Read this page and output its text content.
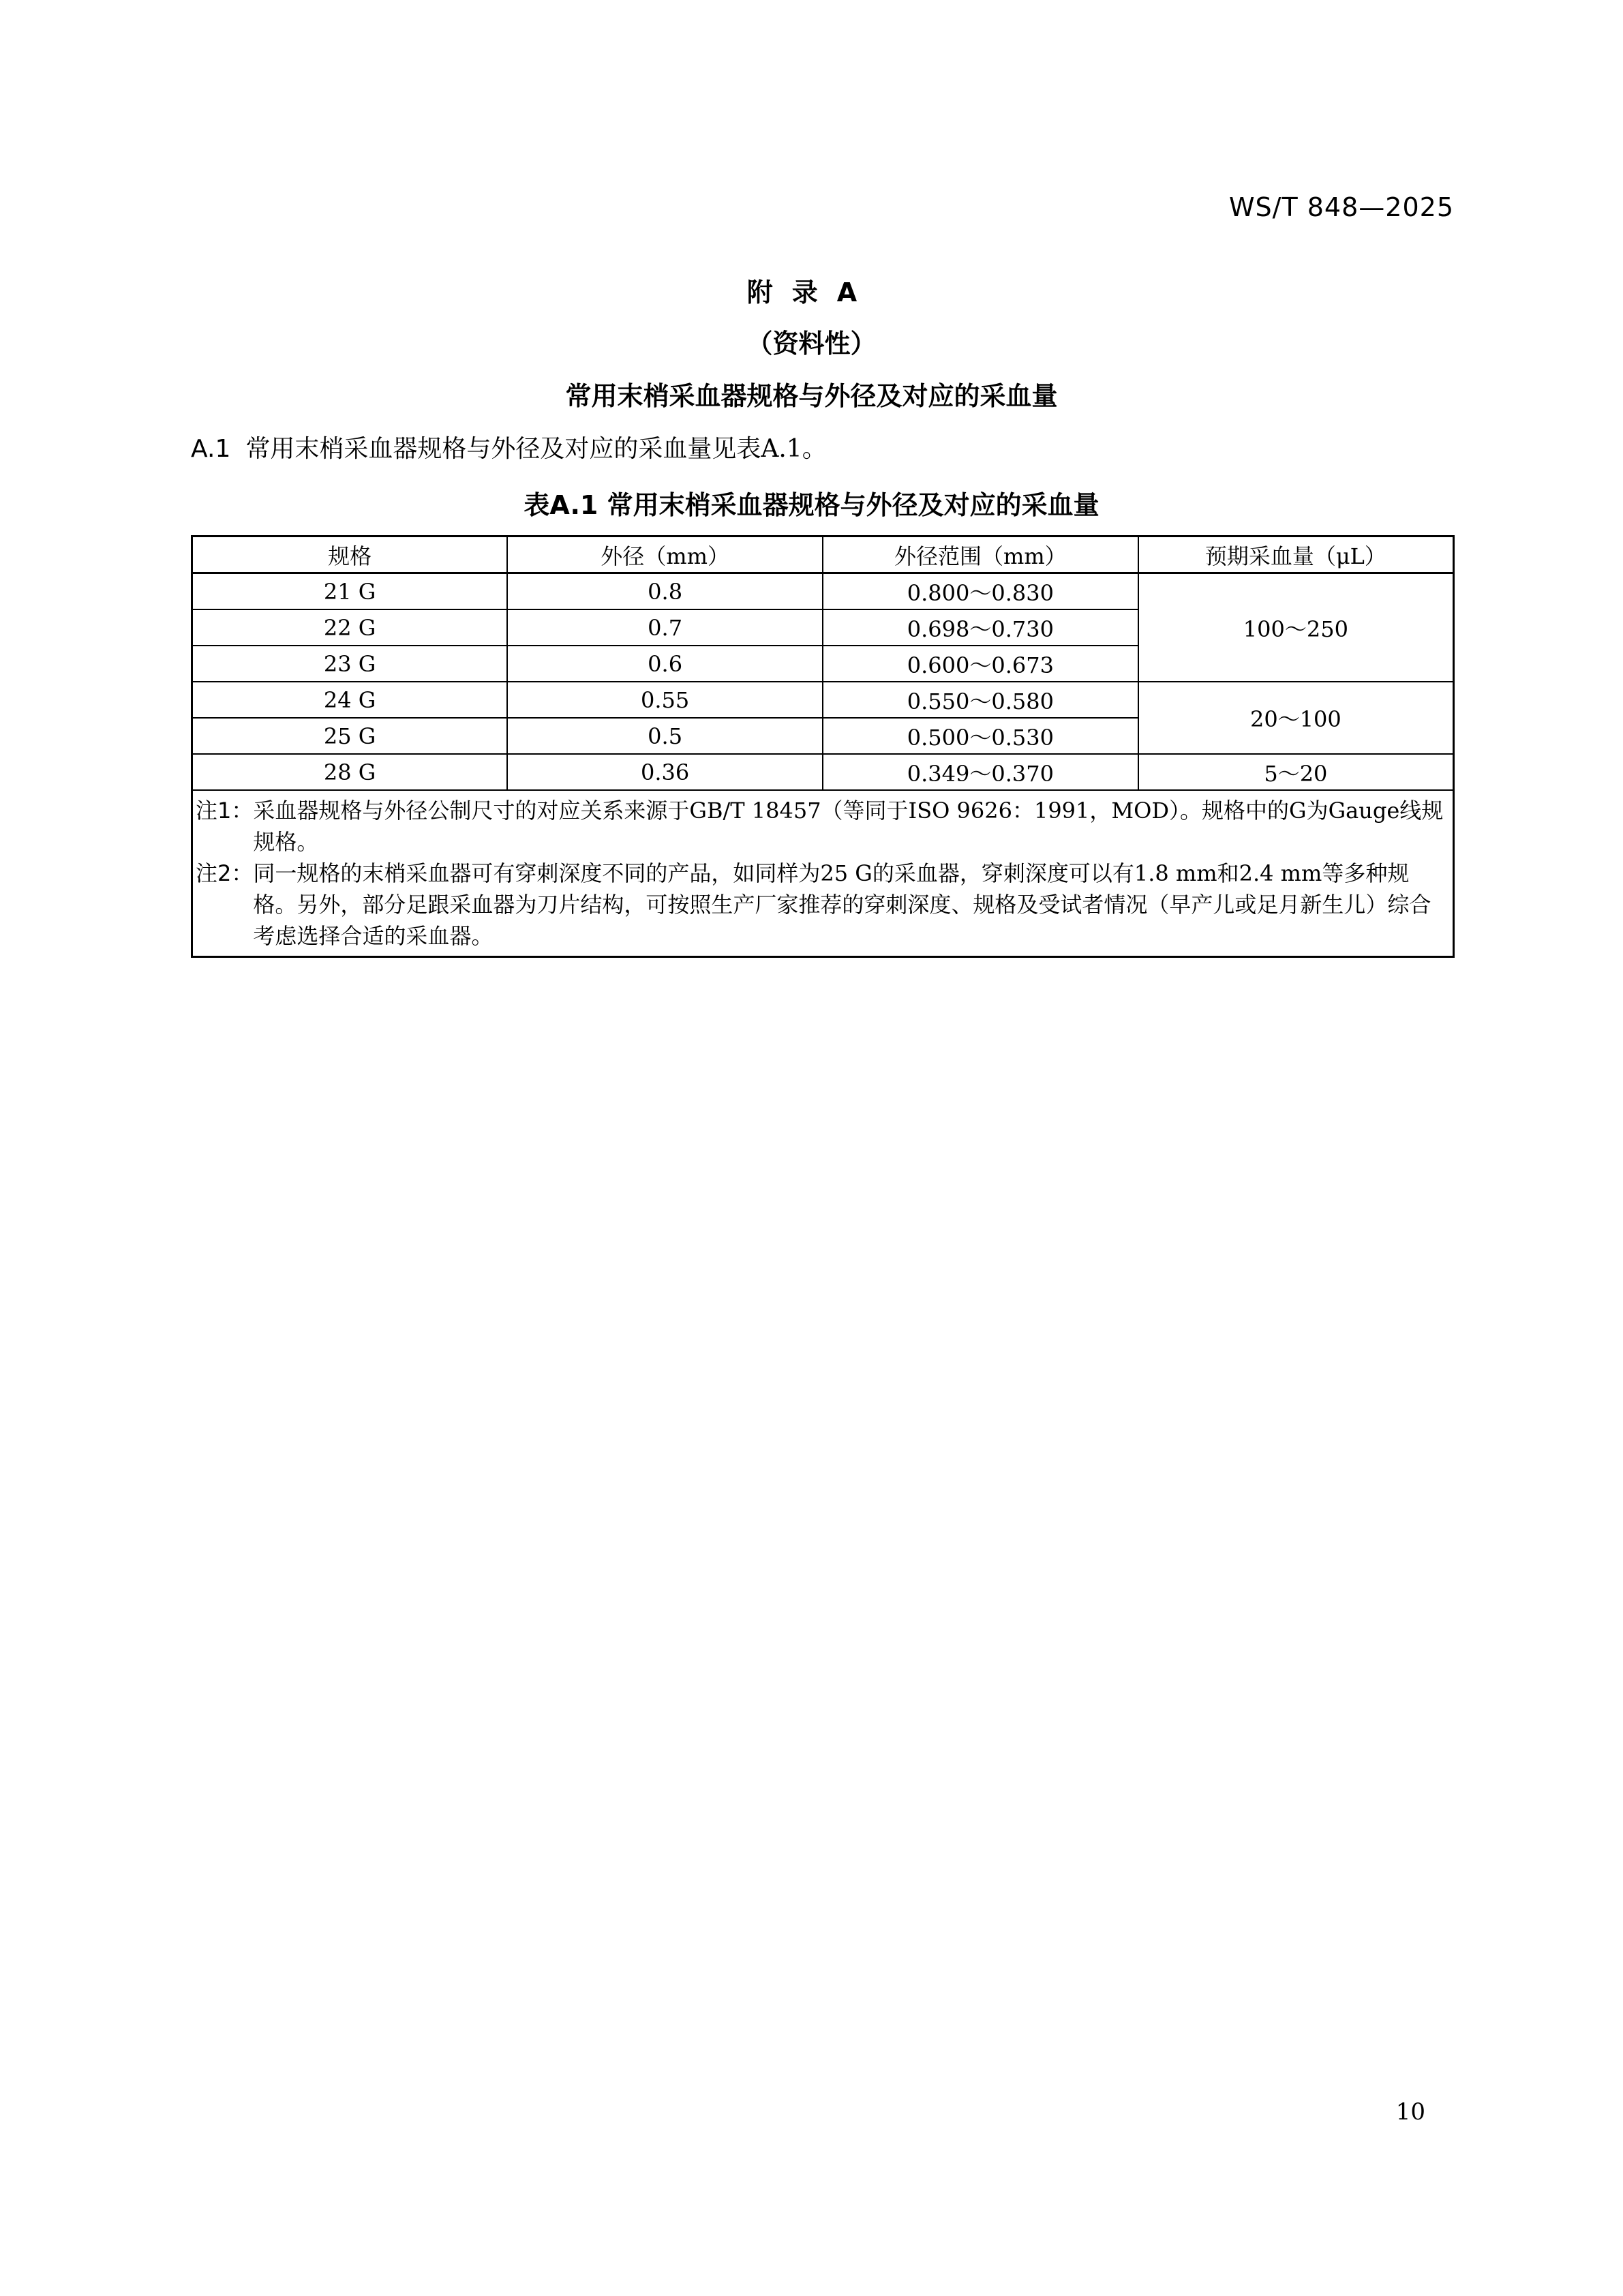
WS/T 848—2025
附录A
（资料性）
常用末梢采血器规格与外径及对应的采血量
A.1 常用末梢采血器规格与外径及对应的采血量见表A.1。
表A.1 常用末梢采血器规格与外径及对应的采血量
规格	外径（mm）	外径范围（mm）	预期采血量（μL）
21 G	0.8	0.800～0.830	100～250
22 G	0.7	0.698～0.730	
23 G	0.6	0.600～0.673	
24 G	0.55	0.550～0.580	20～100
25 G	0.5	0.500～0.530	
28 G	0.36	0.349～0.370	5～20

注1： 采血器规格与外径公制尺寸的对应关系来源于GB/T 18457（等同于ISO 9626：1991，MOD）。规格中的G为Gauge线规规格。
注2： 同一规格的末梢采血器可有穿刺深度不同的产品，如同样为25 G的采血器，穿刺深度可以有1.8 mm和2.4 mm等多种规格。另外，部分足跟采血器为刀片结构，可按照生产厂家推荐的穿刺深度、规格及受试者情况（早产儿或足月新生儿）综合考虑选择合适的采血器。			
10
